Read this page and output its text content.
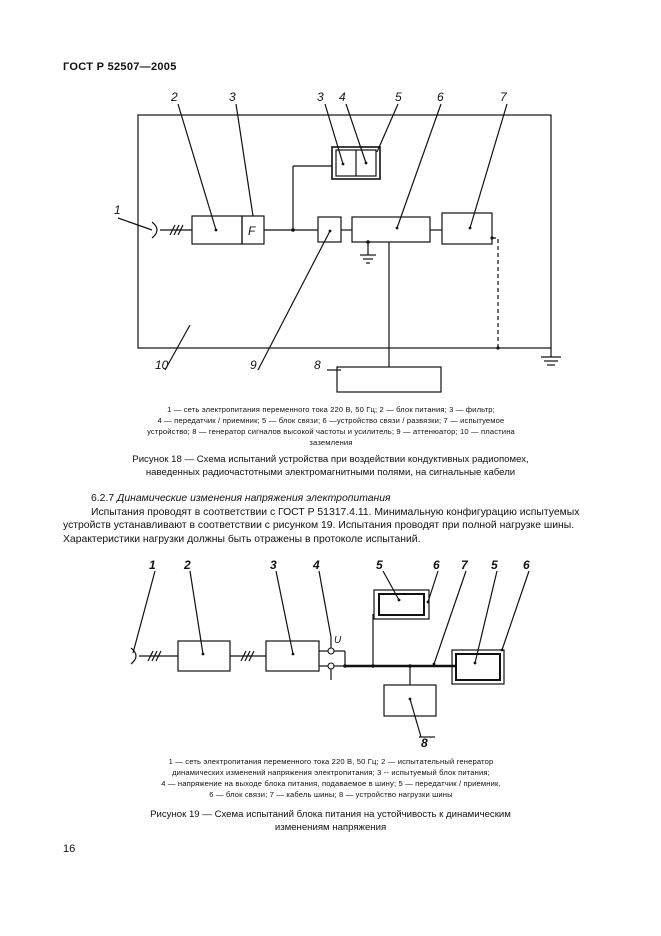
ГОСТ Р 52507—2005
1
2	3	3 4	5	6	7
8
9
10
F
1 — сеть электропитания переменного тока 220 В, 50 Гц; 2 — блок питания; 3 — фильтр;
4 — передатчик / приемник; 5 — блок связи; 6 —устройство связи / развязки; 7 — испытуемое
устройство; 8 — генератор сигналов высокой частоты и усилитель; 9 — аттенюатор; 10 — пластина
заземления
Рисунок 18 — Схема испытаний устройства при воздействии кондуктивных радиопомех,
наведенных радиочастотными электромагнитными полями, на сигнальные кабели

6.2.7 Динамические изменения напряжения электропитания

Испытания проводят в соответствии с ГОСТ Р 51317.4.11. Минимальную конфигурацию испытуемых

устройств устанавливают в соответствии с рисунком 19. Испытания проводят при полной нагрузке шины.

Характеристики нагрузки должны быть отражены в протоколе испытаний.

1 2	3	4	5	6 7 5 6
8
U
1 — сеть электропитания переменного тока 220 В, 50 Гц; 2 — испытательный генератор
динамических изменений напряжения электропитания; 3 -- испытуемый блок питания;
4 — напряжение на выходе блока питания, подаваемое в шину; 5 — передатчик / приемник,
6 — блок связи; 7 — кабель шины; 8 — устройство нагрузки шины
Рисунок 19 — Схема испытаний блока питания на устойчивость к динамическим
изменениям напряжения
16
